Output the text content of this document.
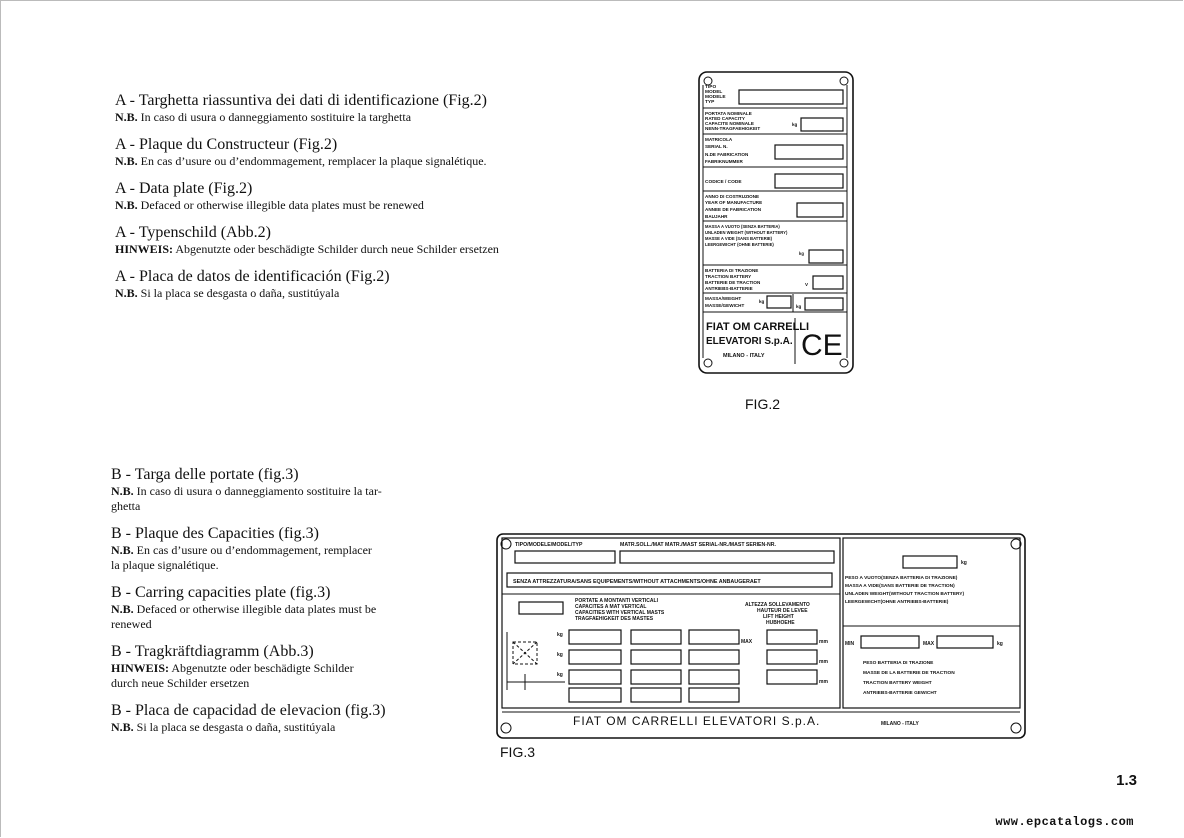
A - Targhetta riassuntiva dei dati di identificazione (Fig.2)
N.B. In caso di usura o danneggiamento sostituire la targhetta
A - Plaque du Constructeur (Fig.2)
N.B. En cas d’usure ou d’endommagement, remplacer la plaque signalétique.
A - Data plate (Fig.2)
N.B. Defaced or otherwise illegible data plates must be renewed
A - Typenschild (Abb.2)
HINWEIS: Abgenutzte oder beschädigte Schilder durch neue Schilder ersetzen
A - Placa de datos de identificación (Fig.2)
N.B. Si la placa se desgasta o daña, sustitúyala
B - Targa delle portate (fig.3)
N.B. In caso di usura o danneggiamento sostituire la tar-
ghetta
B - Plaque des Capacities (fig.3)
N.B. En cas d’usure ou d’endommagement, remplacer
la plaque signalétique.
B - Carring capacities plate (fig.3)
N.B. Defaced or otherwise illegible data plates must be
renewed
B - Tragkräftdiagramm (Abb.3)
HINWEIS: Abgenutzte oder beschädigte Schilder
durch neue Schilder ersetzen
B - Placa de capacidad de elevacion (fig.3)
N.B. Si la placa se desgasta o daña, sustitúyala
TIPO
MODEL
MODELE
TYP
PORTATA NOMINALE
RATED CAPACITY
CAPACITE NOMINALE
NENN-TRAGFAEHIGKEIT
kg
MATRICOLA
SERIAL N.
N.DE FABRICATION
FABRIKNUMMER
CODICE / CODE
ANNO DI COSTRUZIONE
YEAR OF MANUFACTURE
ANNEE DE FABRICATION
BAUJAHR
MASSA A VUOTO (SENZA BATTERIA)
UNLADEN WEIGHT (WITHOUT BATTERY)
MASSE A VIDE (SANS BATTERIE)
LEERGEWICHT (OHNE BATTERIE)
kg
BATTERIA DI TRAZIONE
TRACTION BATTERY
BATTERIE DE TRACTION
ANTRIEBS-BATTERIE
V
MASSA/WEIGHT
MASSE/GEWICHT
kg
kg
FIAT OM CARRELLI
ELEVATORI S.p.A.
MILANO - ITALY CE
FIG.2
TIPO/MODELE/MODEL/TYP	MATR.SOLL./MAT MATR./MAST SERIAL-NR./MAST SERIEN-NR.
SENZA ATTREZZATURA/SANS EQUIPEMENTS/WITHOUT ATTACHMENTS/OHNE ANBAUGERAET
PORTATE A MONTANTI VERTICALI
CAPACITES A MAT VERTICAL
CAPACITIES WITH VERTICAL MASTS
TRAGFAEHIGKEIT DES MASTES
ALTEZZA SOLLEVAMENTO
HAUTEUR DE LEVEE
LIFT HEIGHT
HUBHOEHE
kg
kg
kg
MAX	mm
mm
mm
kg
PESO A VUOTO(SENZA BATTERIA DI TRAZIONE)
MASSA A VIDE(SANS BATTERIE DE TRACTION)
UNLADEN WEIGHT(WITHOUT TRACTION BATTERY)
LEERGEWICHT(OHNE ANTRIEBS-BATTERIE)
MIN	MAX	kg
PESO BATTERIA DI TRAZIONE
MASSE DE LA BATTERIE DE TRACTION
TRACTION BATTERY WEIGHT
ANTRIEBS-BATTERIE GEWICHT
FIAT OM CARRELLI ELEVATORI S.p.A.	MILANO - ITALY
FIG.3
1.3
www.epcatalogs.com
